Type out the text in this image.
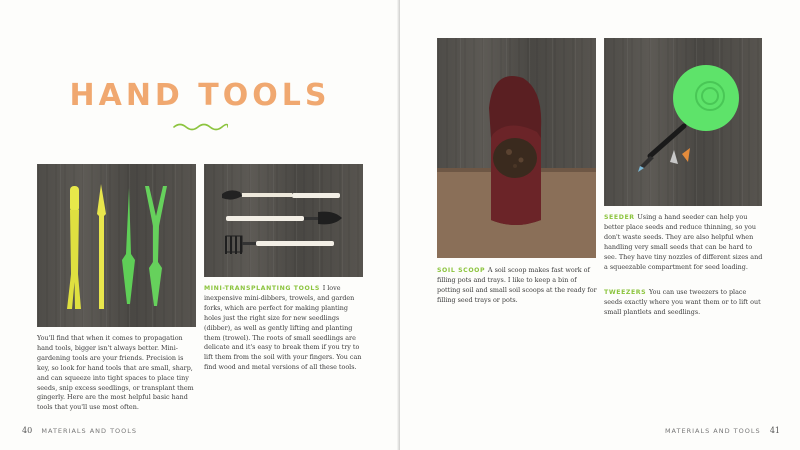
HAND TOOLS
MINI-TRANSPLANTING TOOLS I love inexpensive mini-dibbers, trowels, and garden forks, which are perfect for making planting holes just the right size for new seedlings (dibber), as well as gently lifting and planting them (trowel). The roots of small seedlings are delicate and it's easy to break them if you try to lift them from the soil with your fingers. You can find wood and metal versions of all these tools.
You'll find that when it comes to propagation hand tools, bigger isn't always better. Mini-gardening tools are your friends. Precision is key, so look for hand tools that are small, sharp, and can squeeze into tight spaces to place tiny seeds, snip excess seedlings, or transplant them gingerly. Here are the most helpful basic hand tools that you'll use most often.
40 MATERIALS AND TOOLS
SOIL SCOOP A soil scoop makes fast work of filling pots and trays. I like to keep a bin of potting soil and small soil scoops at the ready for filling seed trays or pots.
SEEDER Using a hand seeder can help you better place seeds and reduce thinning, so you don't waste seeds. They are also helpful when handling very small seeds that can be hard to see. They have tiny nozzles of different sizes and a squeezable compartment for seed loading.
TWEEZERS You can use tweezers to place seeds exactly where you want them or to lift out small plantlets and seedlings.
MATERIALS AND TOOLS 41
